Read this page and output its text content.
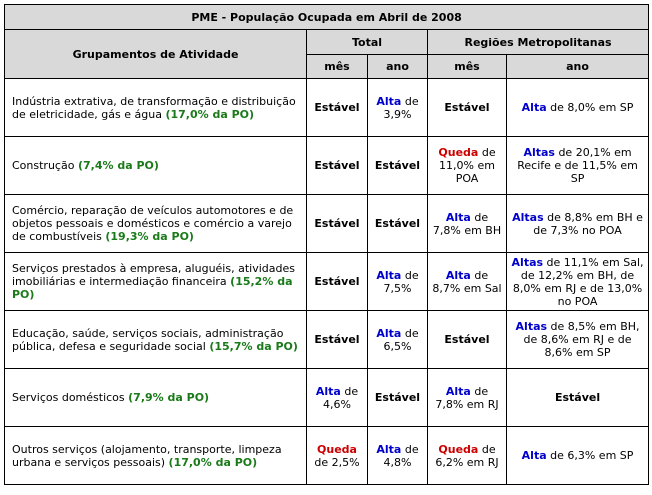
PME - População Ocupada em Abril de 2008				
Grupamentos de Atividade	Total		Regiões Metropolitanas	
	mês	ano	mês	ano
Indústria extrativa, de transformação e distribuição de eletricidade, gás e água (17,0% da PO)	Estável	Alta de 3,9%	Estável	Alta de 8,0% em SP
Construção (7,4% da PO)	Estável	Estável	Queda de 11,0% em POA	Altas de 20,1% em Recife e de 11,5% em SP
Comércio, reparação de veículos automotores e de objetos pessoais e domésticos e comércio a varejo de combustíveis (19,3% da PO)	Estável	Estável	Alta de 7,8% em BH	Altas de 8,8% em BH e de 7,3% no POA
Serviços prestados à empresa, aluguéis, atividades imobiliárias e intermediação financeira (15,2% da PO)	Estável	Alta de 7,5%	Alta de 8,7% em Sal	Altas de 11,1% em Sal, de 12,2% em BH, de 8,0% em RJ e de 13,0% no POA
Educação, saúde, serviços sociais, administração pública, defesa e seguridade social (15,7% da PO)	Estável	Alta de 6,5%	Estável	Altas de 8,5% em BH, de 8,6% em RJ e de 8,6% em SP
Serviços domésticos (7,9% da PO)	Alta de 4,6%	Estável	Alta de 7,8% em RJ	Estável
Outros serviços (alojamento, transporte, limpeza urbana e serviços pessoais) (17,0% da PO)	Queda de 2,5%	Alta de 4,8%	Queda de 6,2% em RJ	Alta de 6,3% em SP
